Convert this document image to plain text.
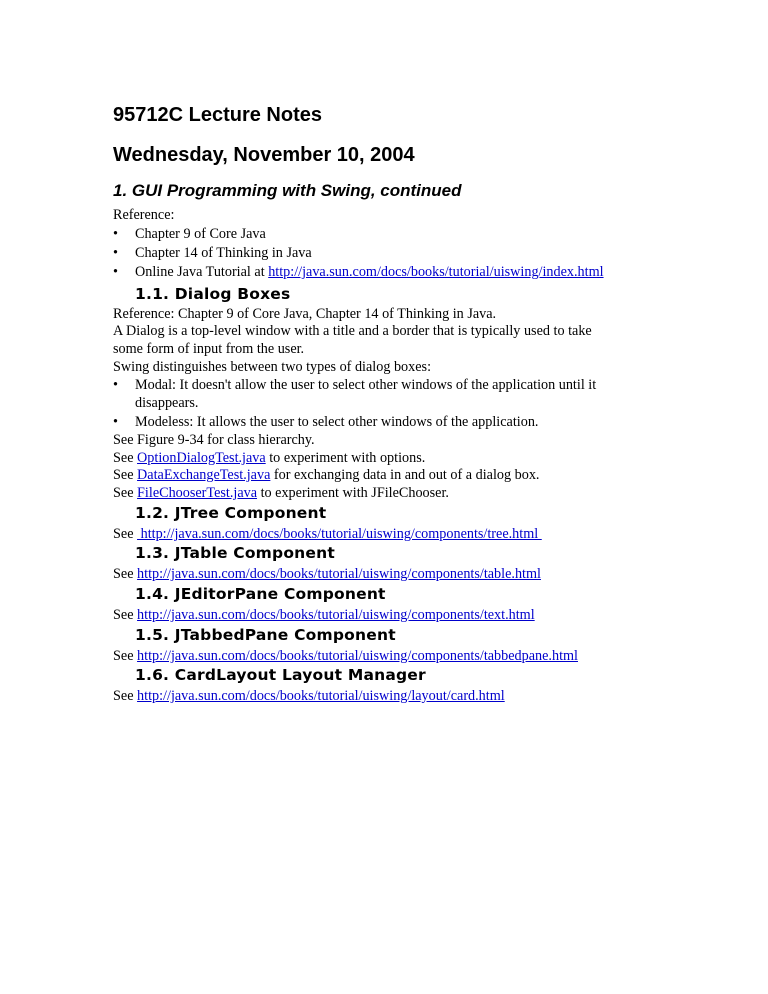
95712C Lecture Notes
Wednesday, November 10, 2004
1. GUI Programming with Swing, continued
Reference:
• Chapter 9 of Core Java
• Chapter 14 of Thinking in Java
• Online Java Tutorial at http://java.sun.com/docs/books/tutorial/uiswing/index.html
1.1. Dialog Boxes
Reference: Chapter 9 of Core Java, Chapter 14 of Thinking in Java.
A Dialog is a top-level window with a title and a border that is typically used to take
some form of input from the user.
Swing distinguishes between two types of dialog boxes:
• Modal: It doesn't allow the user to select other windows of the application until it
disappears.
• Modeless: It allows the user to select other windows of the application.
See Figure 9-34 for class hierarchy.
See OptionDialogTest.java to experiment with options.
See DataExchangeTest.java for exchanging data in and out of a dialog box.
See FileChooserTest.java to experiment with JFileChooser.
1.2. JTree Component
See  http://java.sun.com/docs/books/tutorial/uiswing/components/tree.html
1.3. JTable Component
See http://java.sun.com/docs/books/tutorial/uiswing/components/table.html
1.4. JEditorPane Component
See http://java.sun.com/docs/books/tutorial/uiswing/components/text.html
1.5. JTabbedPane Component
See http://java.sun.com/docs/books/tutorial/uiswing/components/tabbedpane.html
1.6. CardLayout Layout Manager
See http://java.sun.com/docs/books/tutorial/uiswing/layout/card.html
